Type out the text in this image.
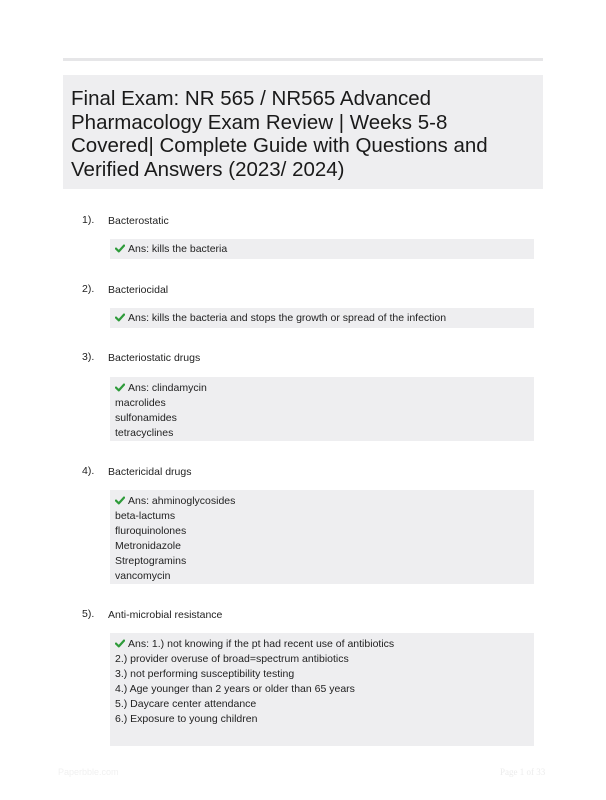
Final Exam: NR 565 / NR565 Advanced Pharmacology Exam Review | Weeks 5-8 Covered| Complete Guide with Questions and Verified Answers (2023/ 2024)
1). Bacterostatic
Ans: kills the bacteria
2). Bacteriocidal
Ans: kills the bacteria and stops the growth or spread of the infection
3). Bacteriostatic drugs
Ans: clindamycin
macrolides
sulfonamides
tetracyclines
4). Bactericidal drugs
Ans: ahminoglycosides
beta-lactums
fluroquinolones
Metronidazole
Streptogramins
vancomycin
5). Anti-microbial resistance
Ans: 1.) not knowing if the pt had recent use of antibiotics
2.) provider overuse of broad=spectrum antibiotics
3.) not performing susceptibility testing
4.) Age younger than 2 years or older than 65 years
5.) Daycare center attendance
6.) Exposure to young children
Paperbble.com	Page 1 of 33
